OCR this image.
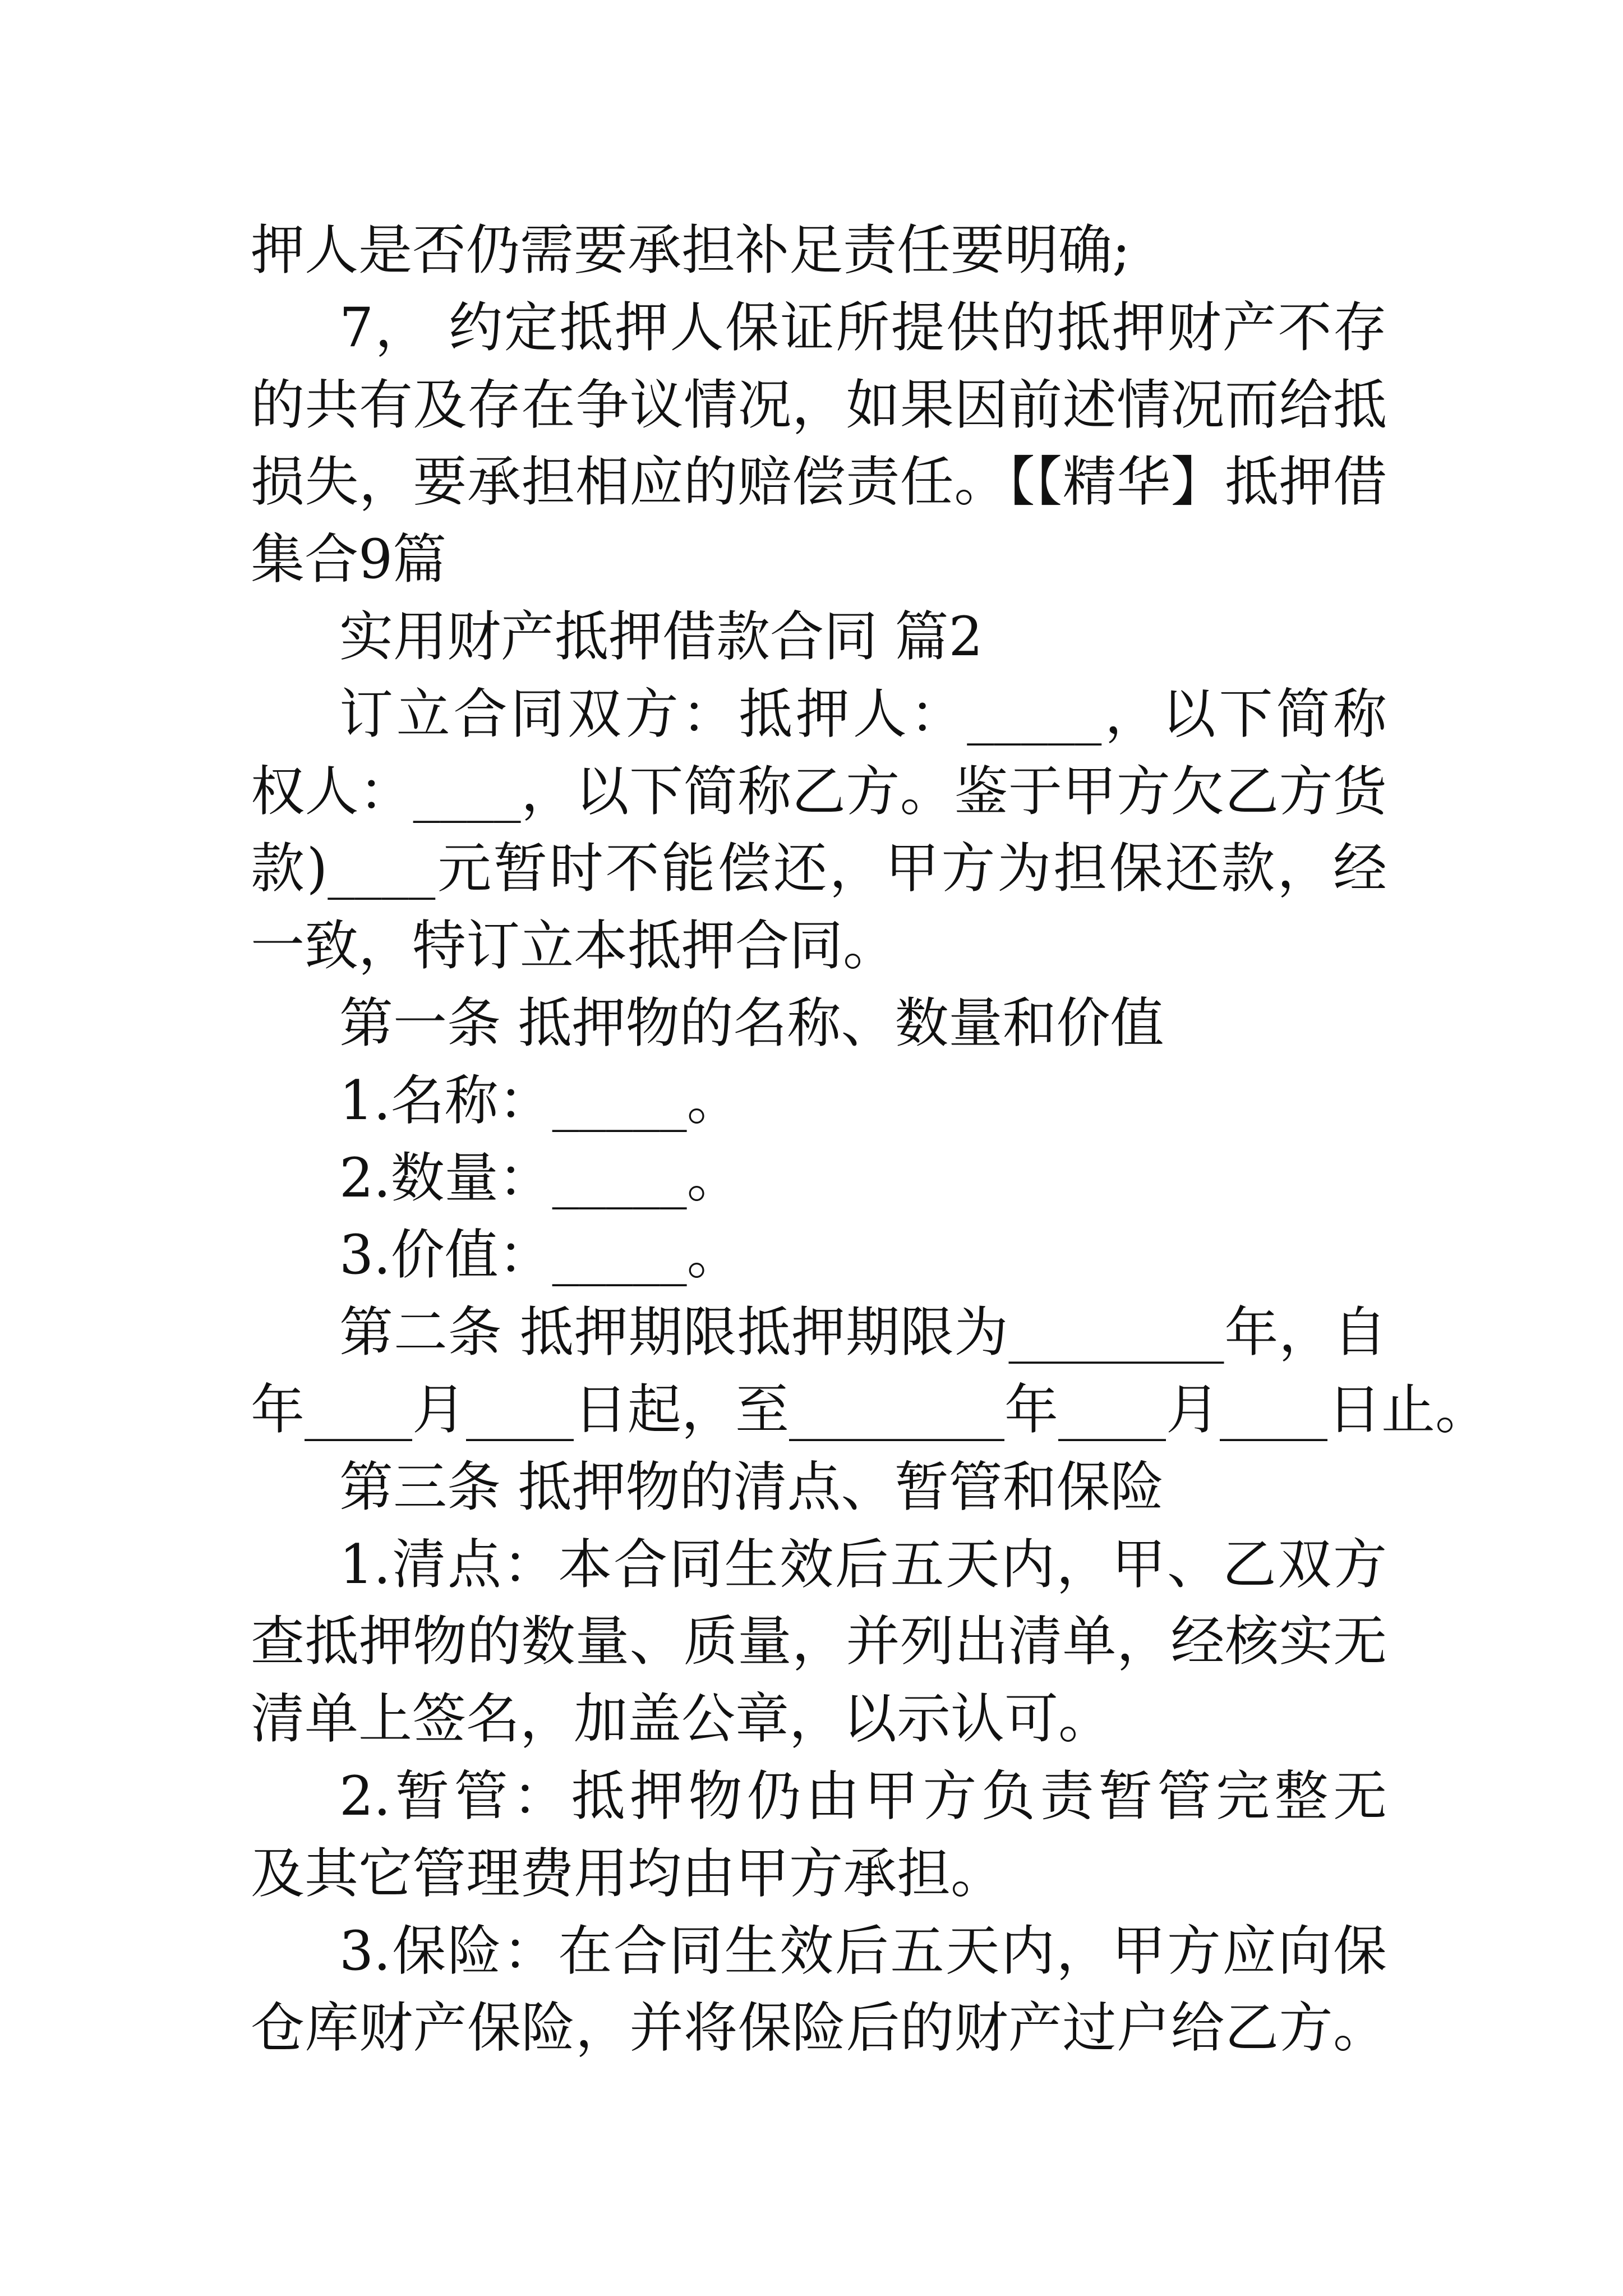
押人是否仍需要承担补足责任要明确;
7， 约定抵押人保证所提供的抵押财产不存
的共有及存在争议情况，如果因前述情况而给抵
损失，要承担相应的赔偿责任。【【精华】抵押借
集合9篇
实用财产抵押借款合同 篇2
订立合同双方：抵押人：_____，以下简称
权人：____，以下简称乙方。鉴于甲方欠乙方货
款)____元暂时不能偿还，甲方为担保还款，经
一致，特订立本抵押合同。
第一条 抵押物的名称、数量和价值
1.名称：_____。
2.数量：_____。
3.价值：_____。
第二条 抵押期限抵押期限为________年，自
年____月____日起，至________年____月____日止。
第三条 抵押物的清点、暂管和保险
1.清点：本合同生效后五天内，甲、乙双方
查抵押物的数量、质量，并列出清单，经核实无
清单上签名，加盖公章，以示认可。
2.暂管：抵押物仍由甲方负责暂管完整无
及其它管理费用均由甲方承担。
3.保险：在合同生效后五天内，甲方应向保
仓库财产保险，并将保险后的财产过户给乙方。
